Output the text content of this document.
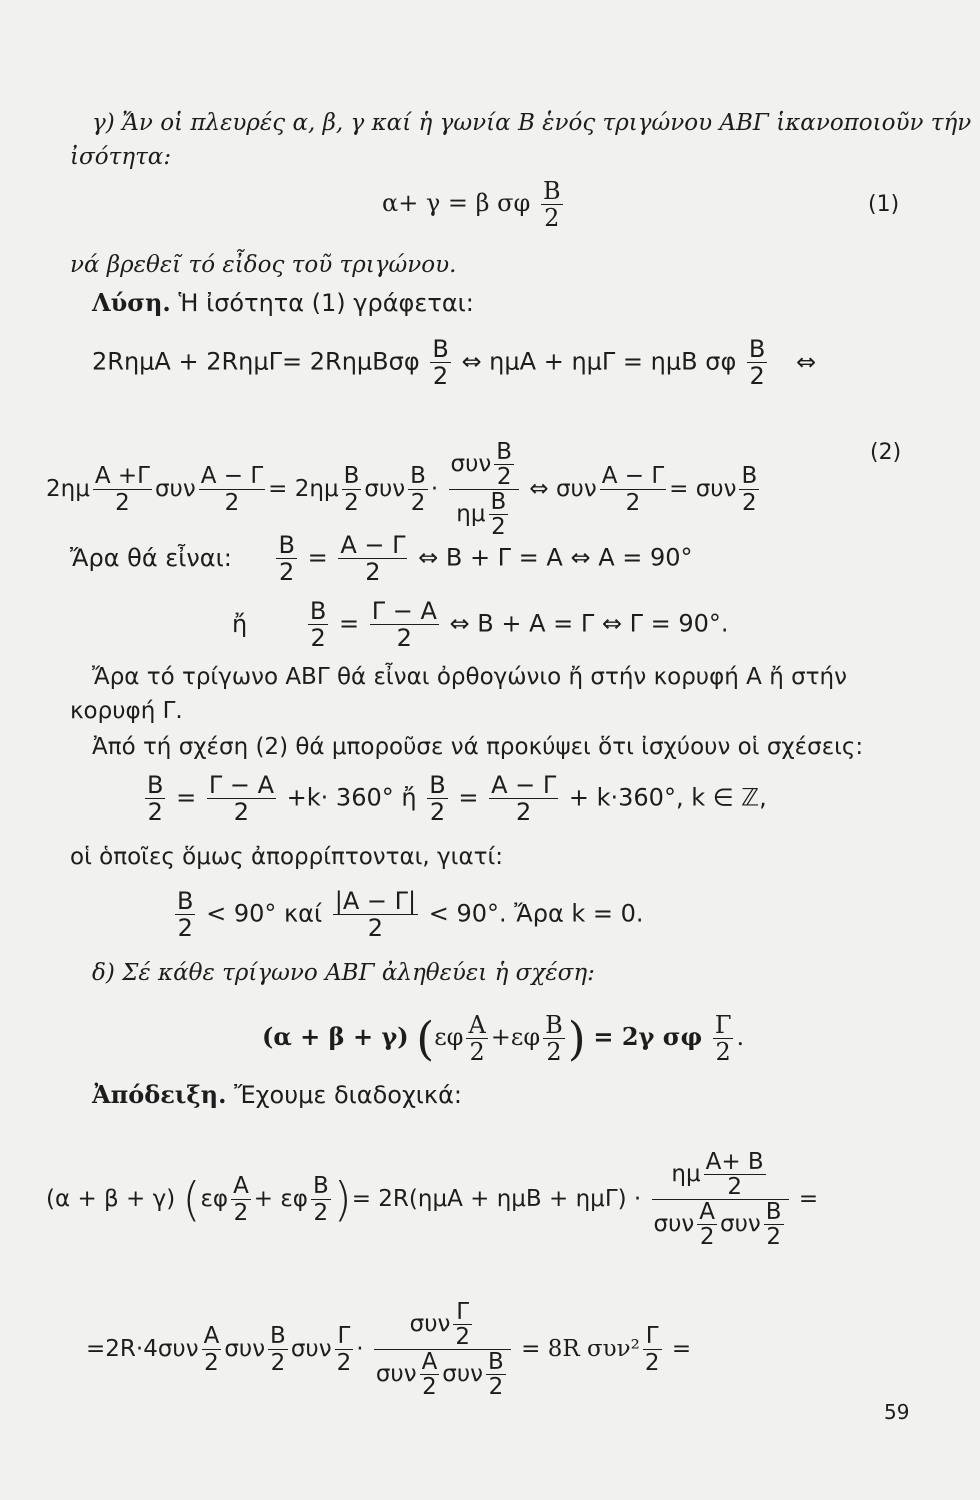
γ) Ἄν οἱ πλευρές α, β, γ καί ἡ γωνία Β ἑνός τριγώνου ΑΒΓ ἱκανοποιοῦν τήν
ἰσότητα:
α+ γ = β σφ $\frac{B}{2}$	(1)
νά βρεθεῖ τό εἶδος τοῦ τριγώνου.
Λύση. Ἡ ἰσότητα (1) γράφεται:
$2R\eta\mu A + 2R\eta\mu\Gamma= 2R\eta\mu B\sigma\varphi \frac{B}{2}$ ⇔ ημΑ + ημΓ = ημΒ σφ $\frac{B}{2}$ ⇔
$2\eta\mu \frac{A +\Gamma}{2}$ συν $\frac{A - \Gamma}{2} = 2\eta\mu \frac{B}{2}$ συν $\frac{B}{2} \cdot \frac{\sigma\upsilon\nu \frac{B}{2}}{\eta\mu \frac{B}{2}}$ ⇔ συν $\frac{A - \Gamma}{2} = \sigma\upsilon\nu \frac{B}{2}$
(2)
Ἄρα θά εἶναι: $\frac{B}{2} = \frac{A - \Gamma}{2}$ ⇔ Β + Γ = Α ⇔ Α = 90°
ἤ	$\frac{B}{2} = \frac{\Gamma - A}{2}$ ⇔ Β + Α = Γ ⇔ Γ = 90°.
Ἄρα τό τρίγωνο ΑΒΓ θά εἶναι ὀρθογώνιο ἤ στήν κορυφή Α ἤ στήν
κορυφή Γ.
Ἀπό τή σχέση (2) θά μποροῦσε νά προκύψει ὅτι ἰσχύουν οἱ σχέσεις:
$\frac{B}{2} = \frac{\Gamma - A}{2} +k\cdot 360^\circ$ ἤ $\frac{B}{2} = \frac{A - \Gamma}{2} + k\cdot 360^\circ$, k ∈ ℤ,
οἱ ὁποῖες ὅμως ἀπορρίπτονται, γιατί:
$\frac{B}{2} < 90^\circ$ καί $\frac{|A - \Gamma|}{2} < 90^\circ$. Ἄρα k = 0.
δ) Σέ κάθε τρίγωνο ΑΒΓ ἀληθεύει ἡ σχέση:
(α + β + γ) ($\varepsilon\varphi \frac{A}{2} +\varepsilon\varphi \frac{B}{2}$ ) = 2γ σφ $\frac{\Gamma}{2}$ .
Ἀπόδειξη. Ἔχουμε διαδοχικά:
(α + β + γ) ($\varepsilon\varphi \frac{A}{2} + \varepsilon\varphi \frac{B}{2}$ )= $2R(\eta\mu A + \eta\mu B + \eta\mu\Gamma) \cdot \frac{\eta\mu \frac{A+ B}{2}}{\sigma\upsilon\nu \frac{A}{2} \sigma\upsilon\nu \frac{B}{2}}$ =
$=2R\cdot 4\sigma\upsilon\nu \frac{A}{2}$ συν $\frac{B}{2}$ συν $\frac{\Gamma}{2} \cdot \frac{\sigma\upsilon\nu \frac{\Gamma}{2}}{\sigma\upsilon\nu \frac{A}{2} \sigma\upsilon\nu \frac{B}{2}} = 8R$ $\sigma\upsilon\nu^2 \frac{\Gamma}{2}$ =
59
